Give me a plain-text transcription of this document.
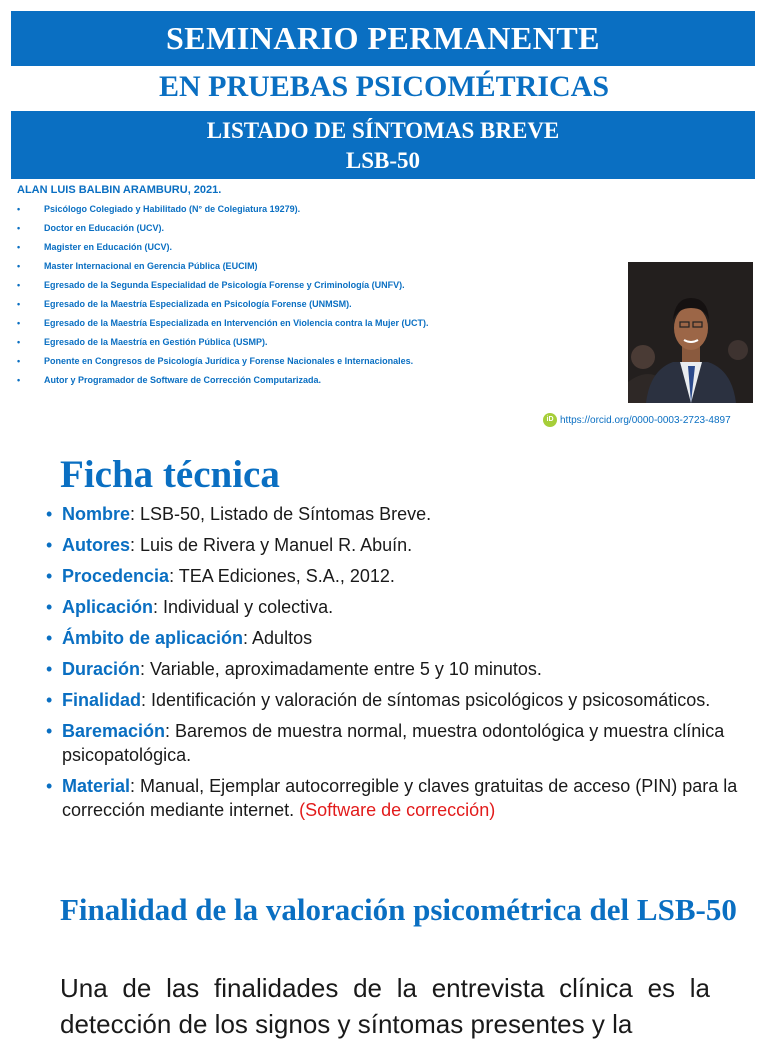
SEMINARIO PERMANENTE
EN PRUEBAS PSICOMÉTRICAS
LISTADO DE SÍNTOMAS BREVE
LSB-50
ALAN LUIS BALBIN ARAMBURU, 2021.
•	Psicólogo Colegiado y Habilitado (N° de Colegiatura 19279).
•	Doctor en Educación (UCV).
•	Magister en Educación (UCV).
•	Master Internacional en Gerencia Pública (EUCIM)
•	Egresado de la Segunda Especialidad de Psicología Forense y Criminología (UNFV).
•	Egresado de la Maestría Especializada en Psicología Forense (UNMSM).
•	Egresado de la Maestría Especializada en Intervención en Violencia contra la Mujer (UCT).
•	Egresado de la Maestría en Gestión Pública (USMP).
•	Ponente en Congresos de Psicología Jurídica y Forense Nacionales e Internacionales.
•	Autor y Programador de Software de Corrección Computarizada.
iD https://orcid.org/0000-0003-2723-4897
Ficha técnica
• Nombre: LSB-50, Listado de Síntomas Breve.
• Autores: Luis de Rivera y Manuel R. Abuín.
• Procedencia: TEA Ediciones, S.A., 2012.
• Aplicación: Individual y colectiva.
• Ámbito de aplicación: Adultos
• Duración: Variable, aproximadamente entre 5 y 10 minutos.
• Finalidad: Identificación y valoración de síntomas psicológicos y psicosomáticos.
• Baremación: Baremos de muestra normal, muestra odontológica y muestra clínica psicopatológica.
• Material: Manual, Ejemplar autocorregible y claves gratuitas de acceso (PIN) para la corrección mediante internet. (Software de corrección)
Finalidad de la valoración psicométrica del LSB-50
Una de las finalidades de la entrevista clínica es la detección de los signos y síntomas presentes y la
